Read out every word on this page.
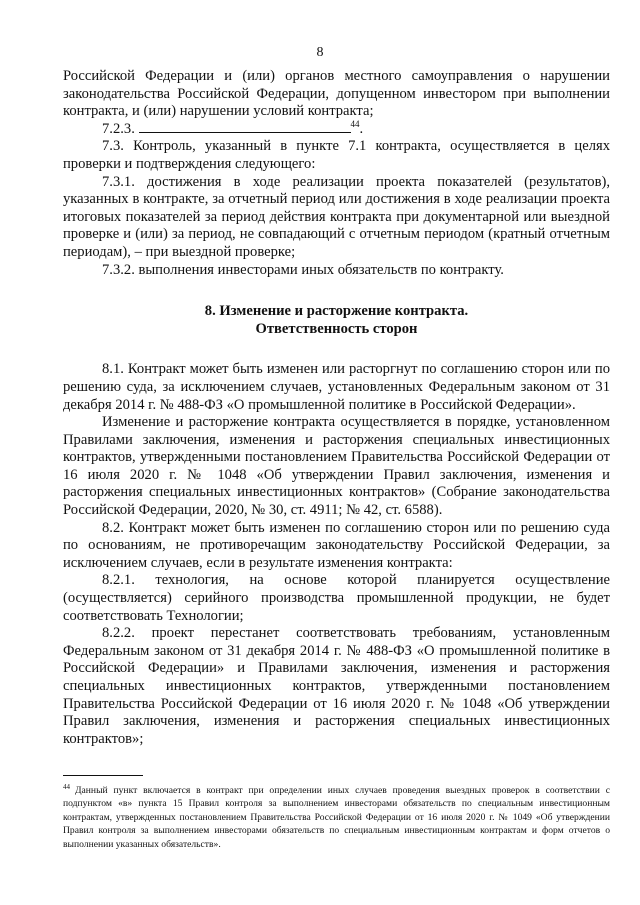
8

Российской Федерации и (или) органов местного самоуправления о нарушении законодательства Российской Федерации, допущенном инвестором при выполнении контракта, и (или) нарушении условий контракта;

7.2.3.	$^{44}$.

7.3. Контроль, указанный в пункте 7.1 контракта, осуществляется в целях проверки и подтверждения следующего:

7.3.1. достижения в ходе реализации проекта показателей (результатов), указанных в контракте, за отчетный период или достижения в ходе реализации проекта итоговых показателей за период действия контракта при документарной или выездной проверке и (или) за период, не совпадающий с отчетным периодом (кратный отчетным периодам), – при выездной проверке;

7.3.2. выполнения инвесторами иных обязательств по контракту.

8. Изменение и расторжение контракта.
Ответственность сторон

8.1. Контракт может быть изменен или расторгнут по соглашению сторон или по решению суда, за исключением случаев, установленных Федеральным законом от 31 декабря 2014 г. № 488-ФЗ «О промышленной политике в Российской Федерации».

Изменение и расторжение контракта осуществляется в порядке, установленном Правилами заключения, изменения и расторжения специальных инвестиционных контрактов, утвержденными постановлением Правительства Российской Федерации от 16 июля 2020 г. № 1048 «Об утверждении Правил заключения, изменения и расторжения специальных инвестиционных контрактов» (Собрание законодательства Российской Федерации, 2020, № 30, ст. 4911; № 42, ст. 6588).

8.2. Контракт может быть изменен по соглашению сторон или по решению суда по основаниям, не противоречащим законодательству Российской Федерации, за исключением случаев, если в результате изменения контракта:

8.2.1. технология, на основе которой планируется осуществление (осуществляется) серийного производства промышленной продукции, не будет соответствовать Технологии;

8.2.2. проект перестанет соответствовать требованиям, установленным Федеральным законом от 31 декабря 2014 г. № 488-ФЗ «О промышленной политике в Российской Федерации» и Правилами заключения, изменения и расторжения специальных инвестиционных контрактов, утвержденными постановлением Правительства Российской Федерации от 16 июля 2020 г. № 1048 «Об утверждении Правил заключения, изменения и расторжения специальных инвестиционных контрактов»;

$^{44}$ Данный пункт включается в контракт при определении иных случаев проведения выездных проверок в соответствии с подпунктом «в» пункта 15 Правил контроля за выполнением инвесторами обязательств по специальным инвестиционным контрактам, утвержденных постановлением Правительства Российской Федерации от 16 июля 2020 г. № 1049 «Об утверждении Правил контроля за выполнением инвесторами обязательств по специальным инвестиционным контрактам и форм отчетов о выполнении указанных обязательств».
